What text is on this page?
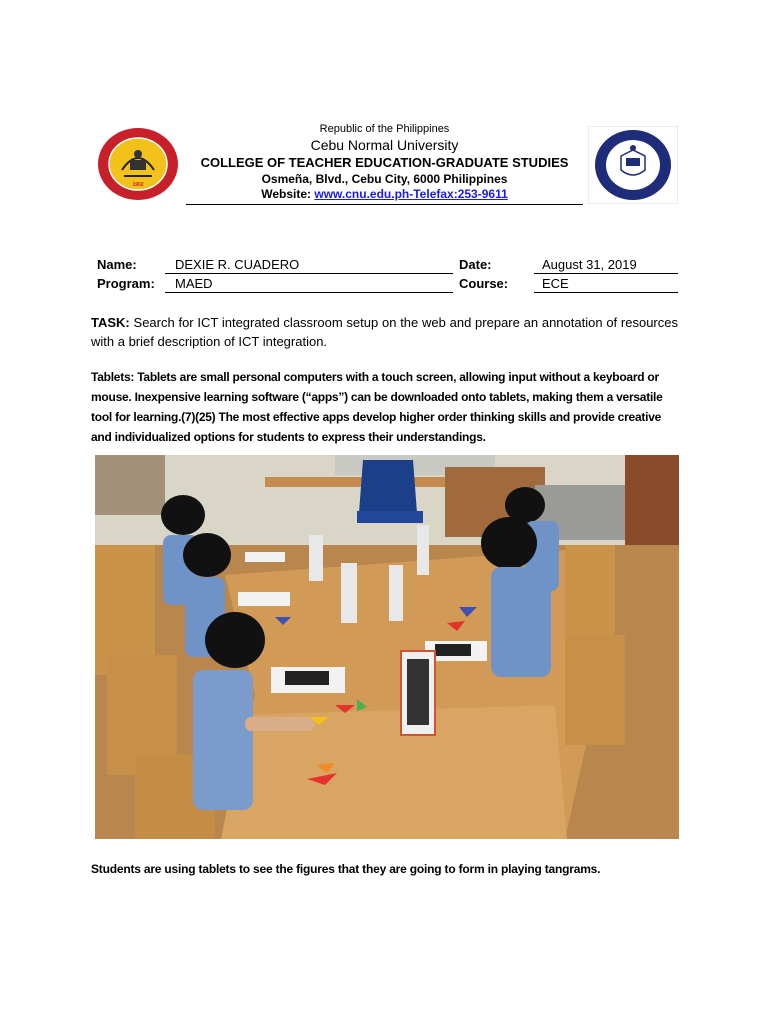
1902
Republic of the Philippines
Cebu Normal University
COLLEGE OF TEACHER EDUCATION-GRADUATE STUDIES
Osmeña, Blvd., Cebu City, 6000 Philippines
Website: www.cnu.edu.ph-Telefax:253-9611
Name:	DEXIE R. CUADERO	Date:	August 31, 2019
Program: MAED	Course:	ECE
TASK: Search for ICT integrated classroom setup on the web and prepare an annotation of resources with a brief description of ICT integration.
Tablets: Tablets are small personal computers with a touch screen, allowing input without a keyboard or mouse. Inexpensive learning software (“apps”) can be downloaded onto tablets, making them a versatile tool for learning.(7)(25) The most effective apps develop higher order thinking skills and provide creative and individualized options for students to express their understandings.
Students are using tablets to see the figures that they are going to form in playing tangrams.
